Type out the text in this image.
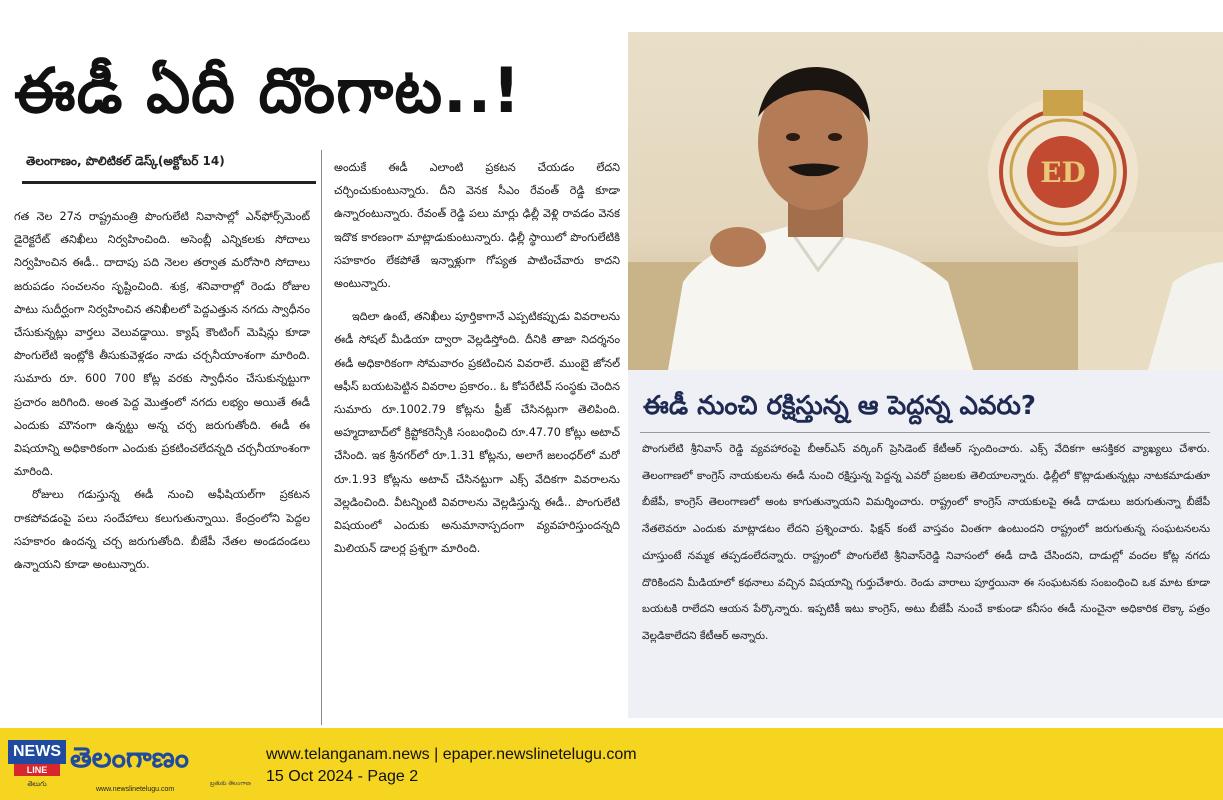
ఈడీ ఏదీ దొంగాట..!
తెలంగాణం, పొలిటికల్ డెస్క్(అక్టోబర్ 14)

గత నెల 27న రాష్ట్రమంత్రి పొంగులేటి నివాసాల్లో ఎన్‌ఫోర్స్‌మెంట్ డైరెక్టరేట్ తనిఖీలు నిర్వహించింది. అసెంబ్లీ ఎన్నికలకు సోదాలు నిర్వహించిన ఈడీ.. దాదాపు పది నెలల తర్వాత మరోసారి సోదాలు జరుపడం సంచలనం సృష్టించింది. శుక్ర, శనివారాల్లో రెండు రోజుల పాటు సుదీర్ఘంగా నిర్వహించిన తనిఖీలలో పెద్దఎత్తున నగదు స్వాధీనం చేసుకున్నట్లు వార్తలు వెలువడ్డాయి. క్యాష్ కౌంటింగ్ మెషిన్లు కూడా పొంగులేటి ఇంట్లోకి తీసుకువెళ్లడం నాడు చర్చనీయాంశంగా మారింది. సుమారు రూ. 600 700 కోట్ల వరకు స్వాధీనం చేసుకున్నట్టుగా ప్రచారం జరిగింది. అంత పెద్ద మొత్తంలో నగదు లభ్యం అయితే ఈడీ ఎందుకు మౌనంగా ఉన్నట్టు అన్న చర్చ జరుగుతోంది. ఈడీ ఈ విషయాన్ని అధికారికంగా ఎందుకు ప్రకటించలేదన్నది చర్చనీయాంశంగా మారింది.

రోజులు గడుస్తున్న ఈడీ నుంచి అఫీషియల్‌గా ప్రకటన రాకపోవడంపై పలు సందేహాలు కలుగుతున్నాయి. కేంద్రంలోని పెద్దల సహకారం ఉందన్న చర్చ జరుగుతోంది. బీజేపీ నేతల అండదండలు ఉన్నాయని కూడా అంటున్నారు.

అందుకే ఈడీ ఎలాంటి ప్రకటన చేయడం లేదని చర్చించుకుంటున్నారు. దీని వెనక సీఎం రేవంత్ రెడ్డి కూడా ఉన్నారంటున్నారు. రేవంత్ రెడ్డి పలు మార్లు ఢిల్లీ వెళ్లి రావడం వెనక ఇదొక కారణంగా మాట్లాడుకుంటున్నారు. ఢిల్లీ స్థాయిలో పొంగులేటికి సహకారం లేకపోతే ఇన్నాళ్లుగా గోప్యత పాటించేవారు కాదని అంటున్నారు.

ఇదిలా ఉంటే, తనిఖీలు పూర్తికాగానే ఎప్పటికప్పుడు వివరాలను ఈడీ సోషల్ మీడియా ద్వారా వెల్లడిస్తోంది. దీనికి తాజా నిదర్శనం ఈడీ అధికారికంగా సోమవారం ప్రకటించిన వివరాలే. ముంబై జోనల్ ఆఫీస్ బయటపెట్టిన వివరాల ప్రకారం.. ఓ కోపరేటివ్ సంస్థకు చెందిన సుమారు రూ.1002.79 కోట్లను ఫ్రీజ్ చేసినట్లుగా తెలిపింది. అహ్మదాబాద్‌లో క్రిప్టోకరెన్సీకి సంబంధించి రూ.47.70 కోట్లు అటాచ్ చేసింది. ఇక శ్రీనగర్‌లో రూ.1.31 కోట్లను, అలాగే జలంధర్‌లో మరో రూ.1.93 కోట్లను అటాచ్ చేసినట్టుగా ఎక్స్ వేదికగా వివరాలను వెల్లడించింది. వీటన్నింటి వివరాలను వెల్లడిస్తున్న ఈడీ.. పొంగులేటి విషయంలో ఎందుకు అనుమానాస్పదంగా వ్యవహరిస్తుందన్నది మిలియన్ డాలర్ల ప్రశ్నగా మారింది.

ED
ఈడీ నుంచి రక్షిస్తున్న ఆ పెద్దన్న ఎవరు?
పొంగులేటి శ్రీనివాస్ రెడ్డి వ్యవహారంపై బీఆర్ఎస్ వర్కింగ్ ప్రెసిడెంట్ కేటీఆర్ స్పందించారు. ఎక్స్ వేదికగా ఆసక్తికర వ్యాఖ్యలు చేశారు. తెలంగాణలో కాంగ్రెస్ నాయకులను ఈడీ నుంచి రక్షిస్తున్న పెద్దన్న ఎవరో ప్రజలకు తెలియాలన్నారు. ఢిల్లీలో కొట్లాడుతున్నట్లు నాటకమాడుతూ బీజేపీ, కాంగ్రెస్ తెలంగాణలో అంట కాగుతున్నాయని విమర్శించారు. రాష్ట్రంలో కాంగ్రెస్ నాయకులపై ఈడీ దాడులు జరుగుతున్నా బీజేపీ నేతలెవరూ ఎందుకు మాట్లాడటం లేదని ప్రశ్నించారు. ఫిక్షన్ కంటే వాస్తవం వింతగా ఉంటుందని రాష్ట్రంలో జరుగుతున్న సంఘటనలను చూస్తుంటే నమ్మక తప్పడంలేదన్నారు. రాష్ట్రంలో పొంగులేటి శ్రీనివాస్‌రెడ్డి నివాసంలో ఈడీ దాడి చేసిందని, దాడుల్లో వందల కోట్ల నగదు దొరికిందని మీడియాలో కథనాలు వచ్చిన విషయాన్ని గుర్తుచేశారు. రెండు వారాలు పూర్తయినా ఈ సంఘటనకు సంబంధించి ఒక మాట కూడా బయటకి రాలేదని ఆయన పేర్కొన్నారు. ఇప్పటికీ ఇటు కాంగ్రెస్, అటు బీజేపీ నుంచే కాకుండా కనీసం ఈడీ నుంచైనా అధికారిక లెక్కా పత్రం వెల్లడికాలేదని కేటీఆర్ అన్నారు.
NEWS
LINE
తెలుగు
తెలంగాణం
బ్రతుకు తెలంగాణ
www.newslinetelugu.com
www.telanganam.news | epaper.newslinetelugu.com
15 Oct 2024 - Page 2
